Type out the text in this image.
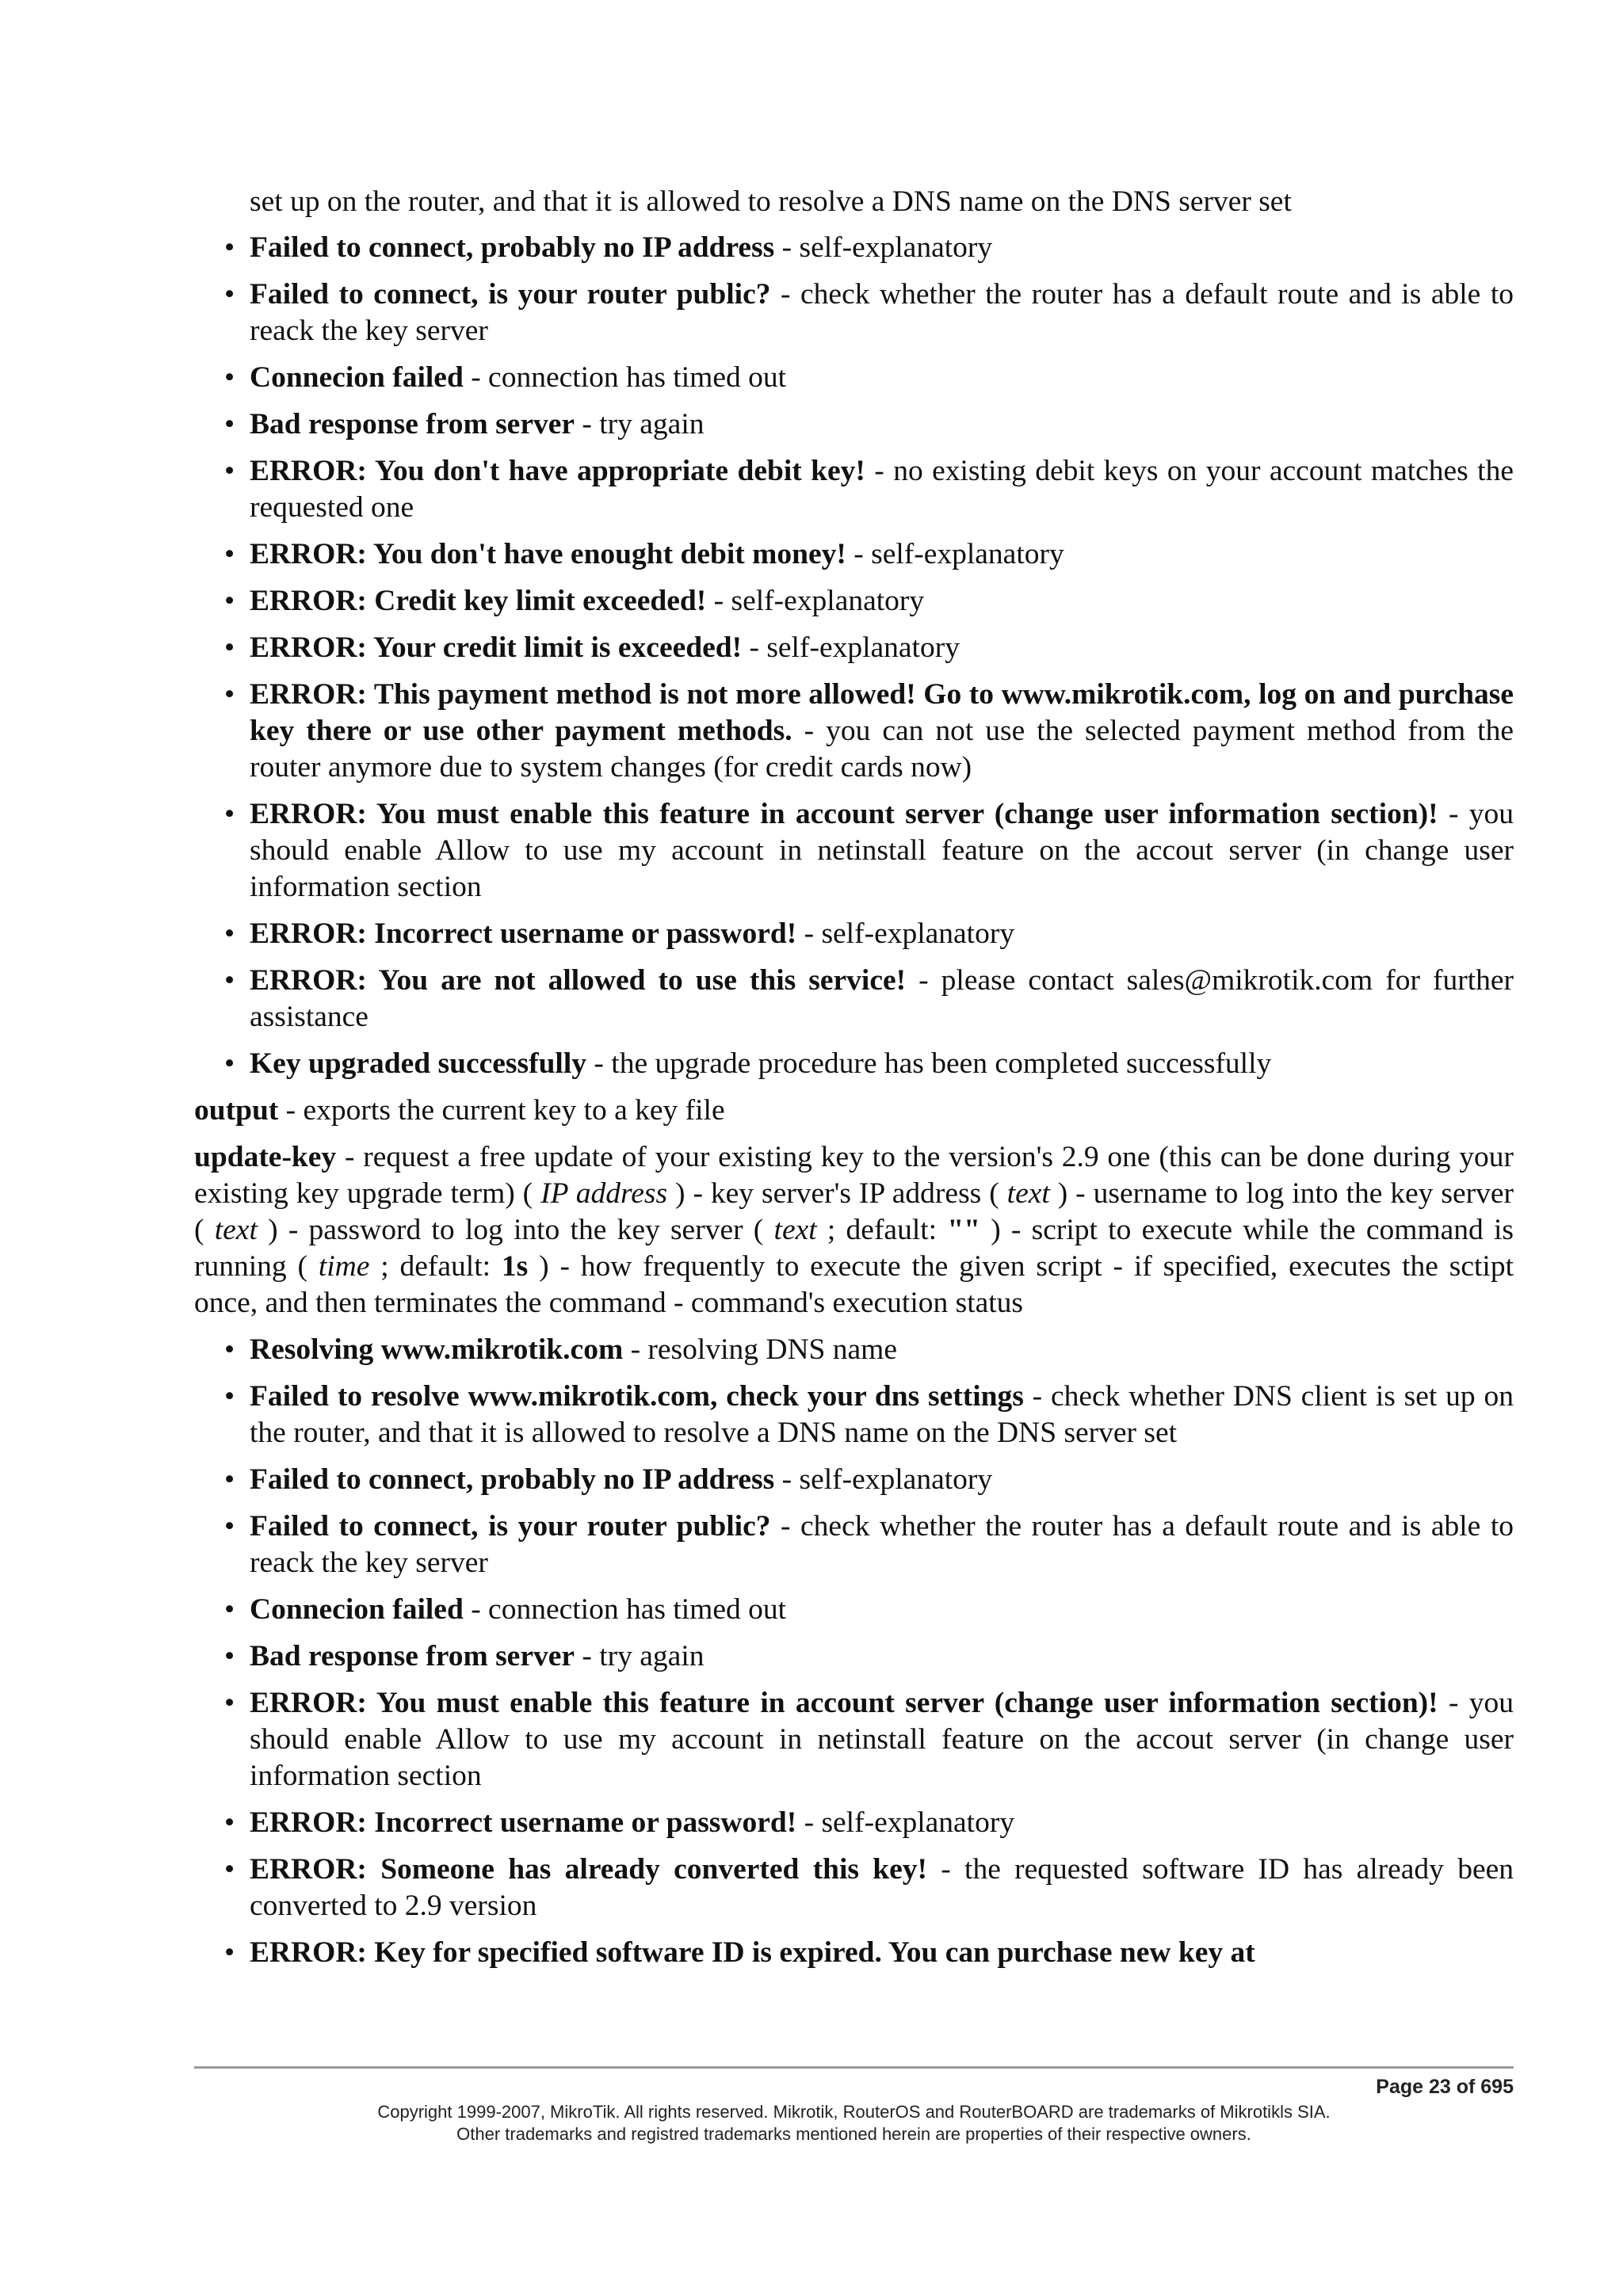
set up on the router, and that it is allowed to resolve a DNS name on the DNS server set
•
Failed to connect, probably no IP address - self-explanatory
•
Failed to connect, is your router public? - check whether the router has a default route and is able to reack the key server
•
Connecion failed - connection has timed out
•
Bad response from server - try again
•
ERROR: You don't have appropriate debit key! - no existing debit keys on your account matches the requested one
•
ERROR: You don't have enought debit money! - self-explanatory
•
ERROR: Credit key limit exceeded! - self-explanatory
•
ERROR: Your credit limit is exceeded! - self-explanatory
•
ERROR: This payment method is not more allowed! Go to www.mikrotik.com, log on and purchase key there or use other payment methods. - you can not use the selected payment method from the router anymore due to system changes (for credit cards now)
•
ERROR: You must enable this feature in account server (change user information section)! - you should enable Allow to use my account in netinstall feature on the accout server (in change user information section
•
ERROR: Incorrect username or password! - self-explanatory
•
ERROR: You are not allowed to use this service! - please contact sales@mikrotik.com for further assistance
•
Key upgraded successfully - the upgrade procedure has been completed successfully
output - exports the current key to a key file
update-key - request a free update of your existing key to the version's 2.9 one (this can be done during your existing key upgrade term) ( IP address ) - key server's IP address ( text ) - username to log into the key server ( text ) - password to log into the key server ( text ; default: "" ) - script to execute while the command is running ( time ; default: 1s ) - how frequently to execute the given script - if specified, executes the sctipt once, and then terminates the command - command's execution status
•
Resolving www.mikrotik.com - resolving DNS name
•
Failed to resolve www.mikrotik.com, check your dns settings - check whether DNS client is set up on the router, and that it is allowed to resolve a DNS name on the DNS server set
•
Failed to connect, probably no IP address - self-explanatory
•
Failed to connect, is your router public? - check whether the router has a default route and is able to reack the key server
•
Connecion failed - connection has timed out
•
Bad response from server - try again
•
ERROR: You must enable this feature in account server (change user information section)! - you should enable Allow to use my account in netinstall feature on the accout server (in change user information section
•
ERROR: Incorrect username or password! - self-explanatory
•
ERROR: Someone has already converted this key! - the requested software ID has already been converted to 2.9 version
•
ERROR: Key for specified software ID is expired. You can purchase new key at
Page 23 of 695
Copyright 1999-2007, MikroTik. All rights reserved. Mikrotik, RouterOS and RouterBOARD are trademarks of Mikrotikls SIA.
Other trademarks and registred trademarks mentioned herein are properties of their respective owners.
